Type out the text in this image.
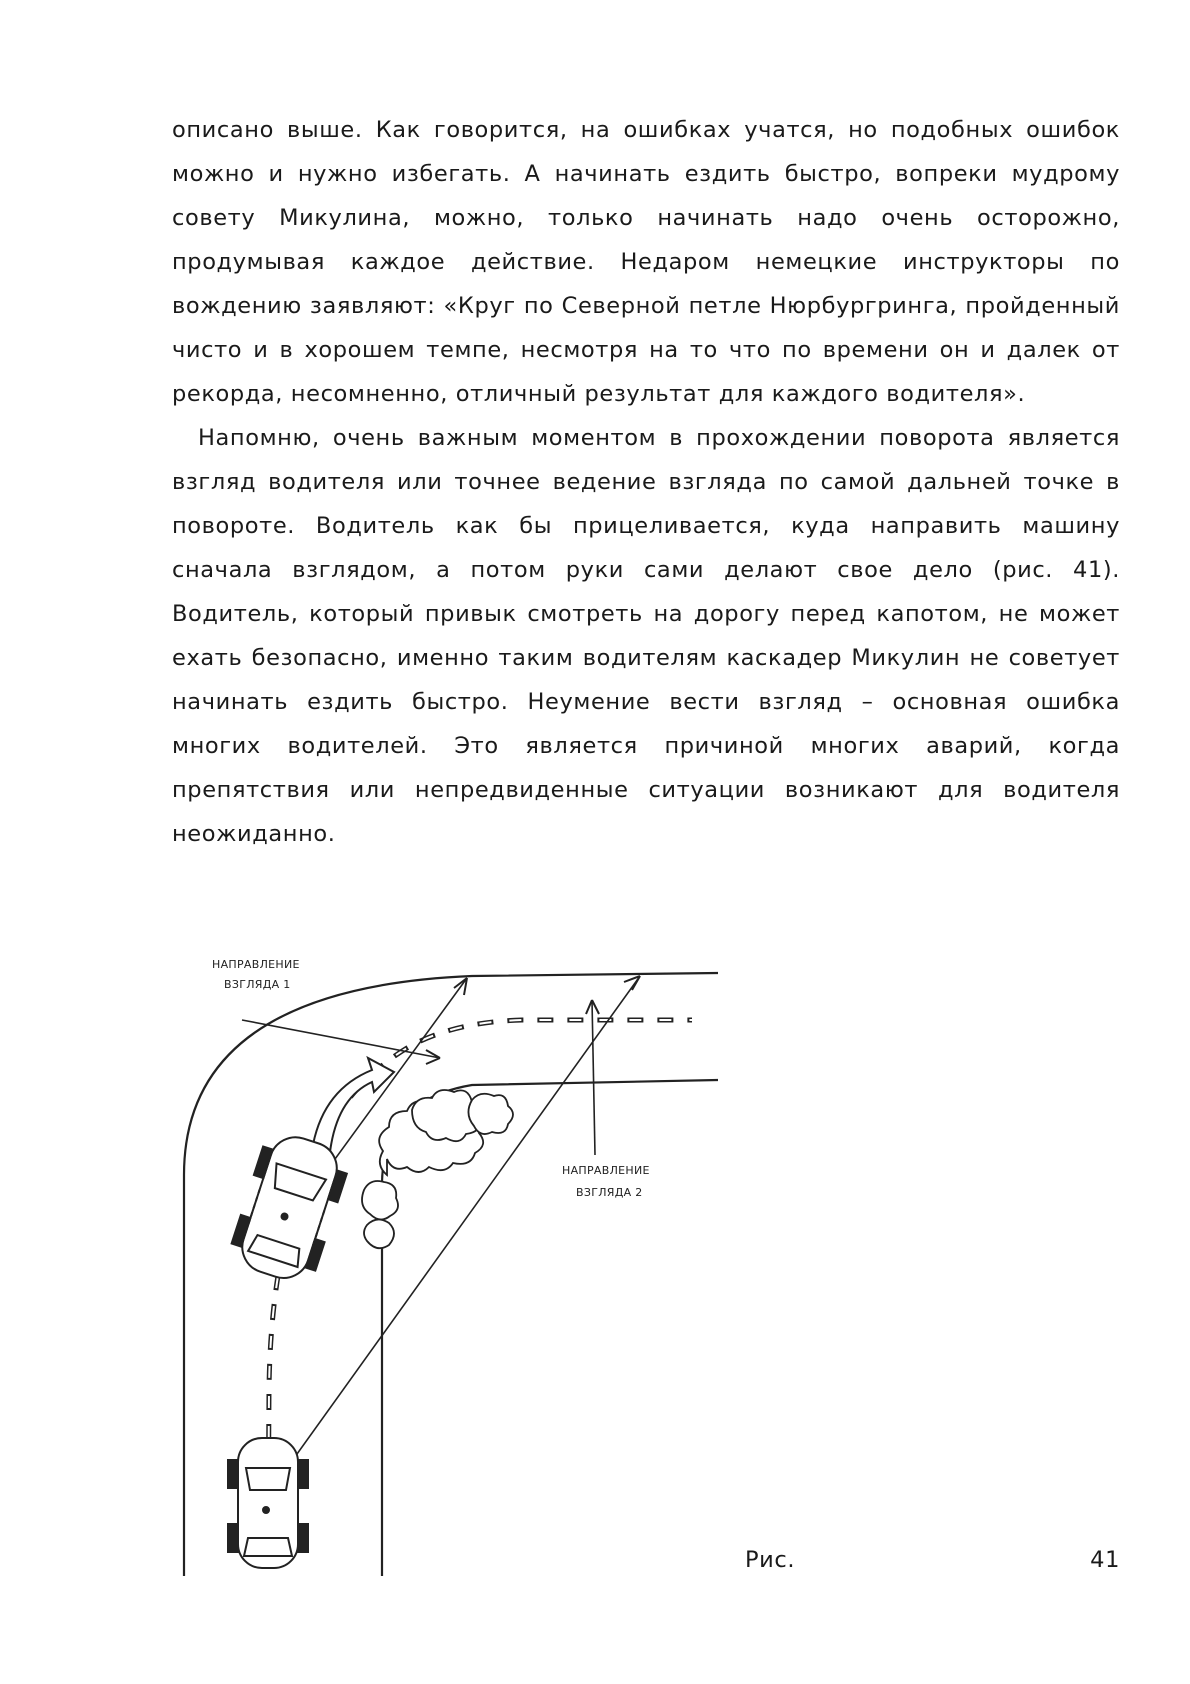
описано выше. Как говорится, на ошибках учатся, но подобных ошибок можно и нужно избегать. А начинать ездить быстро, вопреки мудрому совету Микулина, можно, только начинать надо очень осторожно, продумывая каждое действие. Недаром немецкие инструкторы по вождению заявляют: «Круг по Северной петле Нюрбургринга, пройденный чисто и в хорошем темпе, несмотря на то что по времени он и далек от рекорда, несомненно, отличный результат для каждого водителя».

Напомню, очень важным моментом в прохождении поворота является взгляд водителя или точнее ведение взгляда по самой дальней точке в повороте. Водитель как бы прицеливается, куда направить машину сначала взглядом, а потом руки сами делают свое дело (рис. 41). Водитель, который привык смотреть на дорогу перед капотом, не может ехать безопасно, именно таким водителям каскадер Микулин не советует начинать ездить быстро. Неумение вести взгляд – основная ошибка многих водителей. Это является причиной многих аварий, когда препятствия или непредвиденные ситуации возникают для водителя неожиданно.

НАПРАВЛЕНИЕ
ВЗГЛЯДА 1
НАПРАВЛЕНИЕ
ВЗГЛЯДА 2
Рис.	41
